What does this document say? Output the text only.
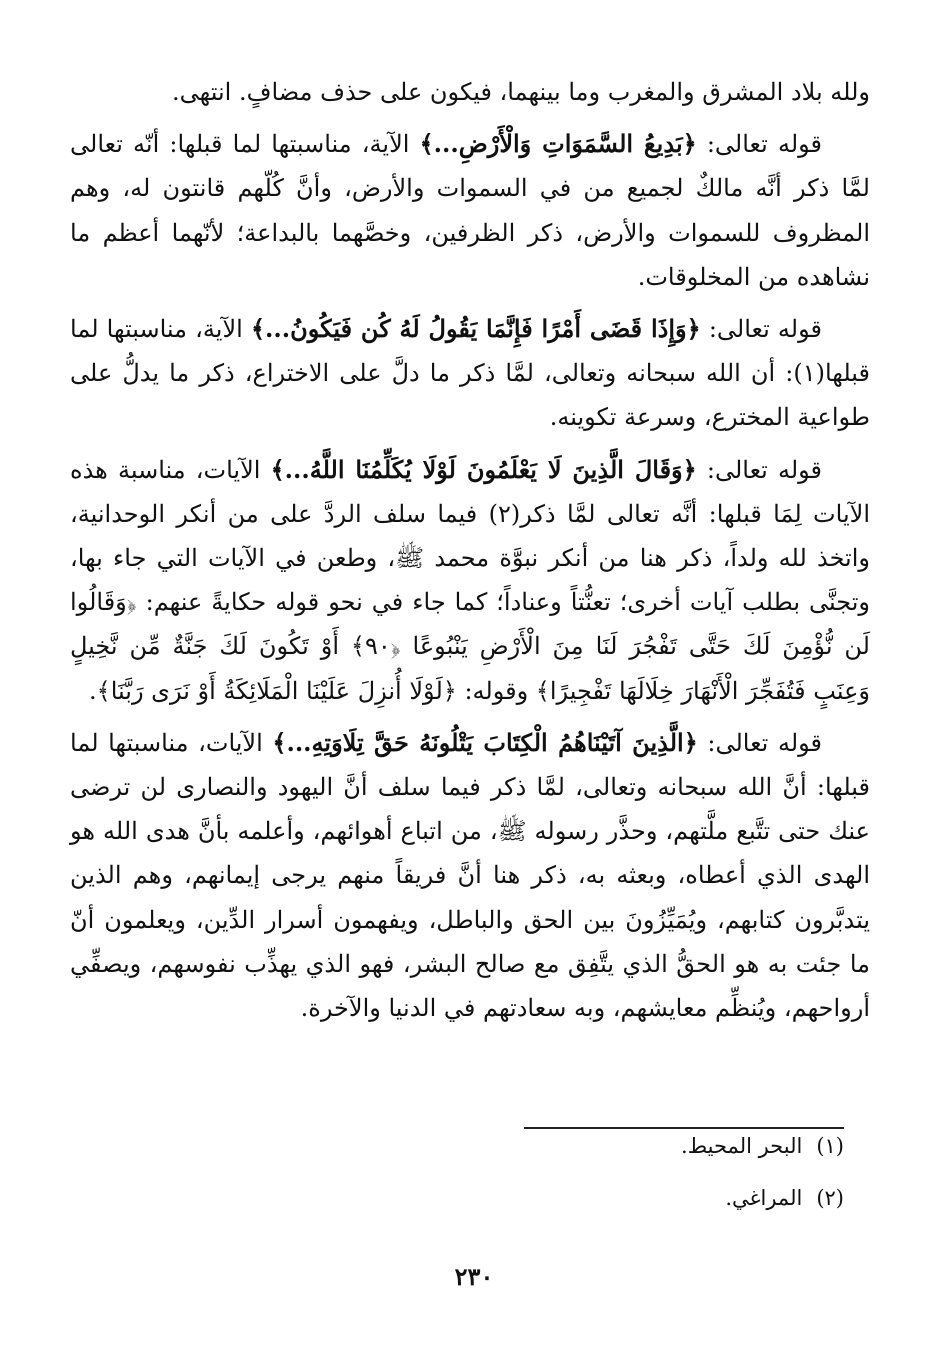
ولله بلاد المشرق والمغرب وما بينهما، فيكون على حذف مضافٍ. انتهى.

قوله تعالى: ﴿بَدِيعُ السَّمَوَاتِ وَالْأَرْضِ...﴾ الآية، مناسبتها لما قبلها: أنّه تعالى لمَّا ذكر أنَّه مالكٌ لجميع من في السموات والأرض، وأنَّ كُلّهم قانتون له، وهم المظروف للسموات والأرض، ذكر الظرفين، وخصَّهما بالبداعة؛ لأنّهما أعظم ما نشاهده من المخلوقات.

قوله تعالى: ﴿وَإِذَا قَضَى أَمْرًا فَإِنَّمَا يَقُولُ لَهُ كُن فَيَكُونُ...﴾ الآية، مناسبتها لما قبلها(١): أن الله سبحانه وتعالى، لمَّا ذكر ما دلَّ على الاختراع، ذكر ما يدلُّ على طواعية المخترع، وسرعة تكوينه.

قوله تعالى: ﴿وَقَالَ الَّذِينَ لَا يَعْلَمُونَ لَوْلَا يُكَلِّمُنَا اللَّهُ...﴾ الآيات، مناسبة هذه الآيات لِمَا قبلها: أنَّه تعالى لمَّا ذكر(٢) فيما سلف الردَّ على من أنكر الوحدانية، واتخذ لله ولداً، ذكر هنا من أنكر نبوَّة محمد ﷺ، وطعن في الآيات التي جاء بها، وتجنَّى بطلب آيات أخرى؛ تعنُّتاً وعناداً؛ كما جاء في نحو قوله حكايةً عنهم: ﴿وَقَالُوا لَن نُّؤْمِنَ لَكَ حَتَّى تَفْجُرَ لَنَا مِنَ الْأَرْضِ يَنْبُوعًا ﴿٩٠﴾ أَوْ تَكُونَ لَكَ جَنَّةٌ مِّن نَّخِيلٍ وَعِنَبٍ فَتُفَجِّرَ الْأَنْهَارَ خِلَالَهَا تَفْجِيرًا﴾ وقوله: ﴿لَوْلَا أُنزِلَ عَلَيْنَا الْمَلَائِكَةُ أَوْ نَرَى رَبَّنَا﴾.

قوله تعالى: ﴿الَّذِينَ آتَيْنَاهُمُ الْكِتَابَ يَتْلُونَهُ حَقَّ تِلَاوَتِهِ...﴾ الآيات، مناسبتها لما قبلها: أنَّ الله سبحانه وتعالى، لمَّا ذكر فيما سلف أنَّ اليهود والنصارى لن ترضى عنك حتى تتَّبع ملَّتهم، وحذَّر رسوله ﷺ، من اتباع أهوائهم، وأعلمه بأنَّ هدى الله هو الهدى الذي أعطاه، وبعثه به، ذكر هنا أنَّ فريقاً منهم يرجى إيمانهم، وهم الذين يتدبَّرون كتابهم، ويُمَيِّزُونَ بين الحق والباطل، ويفهمون أسرار الدِّين، ويعلمون أنّ ما جئت به هو الحقُّ الذي يتَّفِق مع صالح البشر، فهو الذي يهذِّب نفوسهم، ويصفِّي أرواحهم، ويُنظِّم معايشهم، وبه سعادتهم في الدنيا والآخرة.

(١)البحر المحيط.
(٢)المراغي.
٢٣٠
